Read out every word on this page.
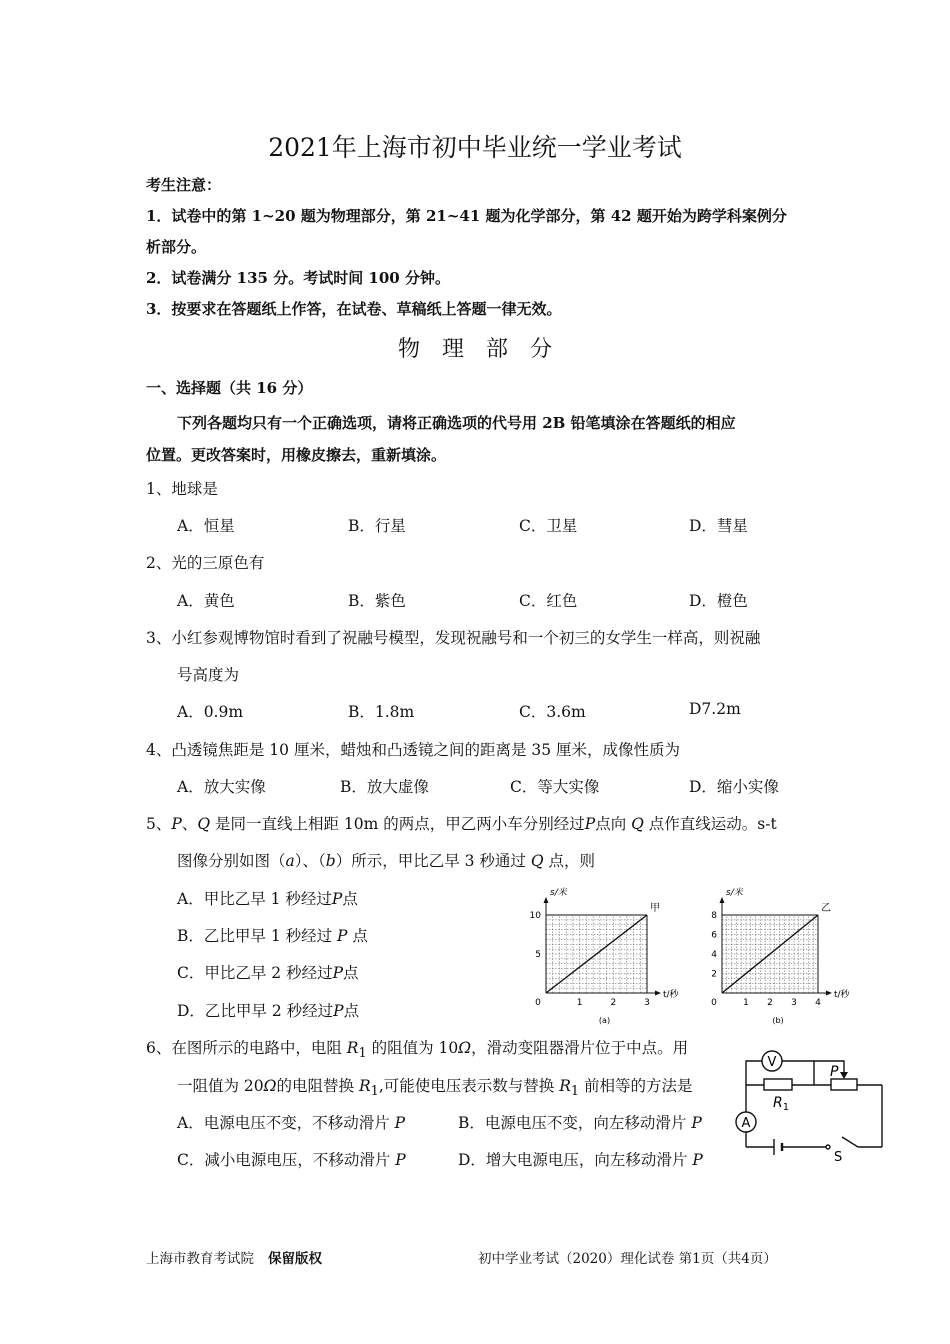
2021年上海市初中毕业统一学业考试
考生注意：
1．试卷中的第 1~20 题为物理部分，第 21~41 题为化学部分，第 42 题开始为跨学科案例分
析部分。
2．试卷满分 135 分。考试时间 100 分钟。
3．按要求在答题纸上作答，在试卷、草稿纸上答题一律无效。
物理部分
一、选择题（共 16 分）
下列各题均只有一个正确选项，请将正确选项的代号用 2B 铅笔填涂在答题纸的相应
位置。更改答案时，用橡皮擦去，重新填涂。
1、地球是
A．恒星	B．行星	C．卫星	D．彗星
2、光的三原色有
A．黄色	B．紫色	C．红色	D．橙色
3、小红参观博物馆时看到了祝融号模型，发现祝融号和一个初三的女学生一样高，则祝融
号高度为
A．0.9m	B．1.8m	C．3.6m	D7.2m
4、凸透镜焦距是 10 厘米，蜡烛和凸透镜之间的距离是 35 厘米，成像性质为
A．放大实像	B．放大虚像	C．等大实像	D．缩小实像
5、P、Q 是同一直线上相距 10m 的两点，甲乙两小车分别经过P点向 Q 点作直线运动。s-t
图像分别如图（a）、（b）所示，甲比乙早 3 秒通过 Q 点，则
A．甲比乙早 1 秒经过P点
B．乙比甲早 1 秒经过 P 点
C．甲比乙早 2 秒经过P点
D．乙比甲早 2 秒经过P点	0	1	2	3
5
10
s/米
t/秒
甲
(a)
0	1 2 3 4
2
4
6
8
s/米
t/秒
乙
(b)
6、在图所示的电路中，电阻 $R_1$ 的阻值为 10Ω，滑动变阻器滑片位于中点。用
一阻值为 20Ω的电阻替换 $R_1$,可能使电压表示数与替换 $R_1$ 前相等的方法是
A．电源电压不变，不移动滑片 P	B．电源电压不变，向左移动滑片 P
C．减小电源电压，不移动滑片 P	D．增大电源电压，向左移动滑片 P
V
A
P
$R_1$
S
上海市教育考试院 保留版权	初中学业考试（2020）理化试卷 第1页（共4页）
